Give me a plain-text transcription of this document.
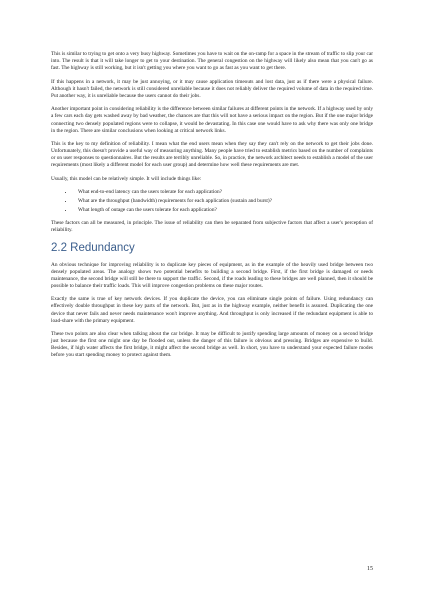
This is similar to trying to get onto a very busy highway. Sometimes you have to wait on the on-ramp for a space in the stream of traffic to slip your car into. The result is that it will take longer to get to your destination. The general congestion on the highway will likely also mean that you can't go as fast. The highway is still working, but it isn't getting you where you want to go as fast as you want to get there.

If this happens in a network, it may be just annoying, or it may cause application timeouts and lost data, just as if there were a physical failure. Although it hasn't failed, the network is still considered unreliable because it does not reliably deliver the required volume of data in the required time. Put another way, it is unreliable because the users cannot do their jobs.

Another important point in considering reliability is the difference between similar failures at different points in the network. If a highway used by only a few cars each day gets washed away by bad weather, the chances are that this will not have a serious impact on the region. But if the one major bridge connecting two densely populated regions were to collapse, it would be devastating. In this case one would have to ask why there was only one bridge in the region. There are similar conclusions when looking at critical network links.

This is the key to my definition of reliability. I mean what the end users mean when they say they can't rely on the network to get their jobs done. Unfortunately, this doesn't provide a useful way of measuring anything. Many people have tried to establish metrics based on the number of complaints or on user responses to questionnaires. But the results are terribly unreliable. So, in practice, the network architect needs to establish a model of the user requirements (most likely a different model for each user group) and determine how well these requirements are met.

Usually, this model can be relatively simple. It will include things like:

• What end-to-end latency can the users tolerate for each application?
• What are the throughput (bandwidth) requirements for each application (sustain and burst)?
• What length of outage can the users tolerate for each application?

These factors can all be measured, in principle. The issue of reliability can then be separated from subjective factors that affect a user's perception of reliability.

2.2 Redundancy

An obvious technique for improving reliability is to duplicate key pieces of equipment, as in the example of the heavily used bridge between two densely populated areas. The analogy shows two potential benefits to building a second bridge. First, if the first bridge is damaged or needs maintenance, the second bridge will still be there to support the traffic. Second, if the roads leading to these bridges are well planned, then it should be possible to balance their traffic loads. This will improve congestion problems on these major routes.

Exactly the same is true of key network devices. If you duplicate the device, you can eliminate single points of failure. Using redundancy can effectively double throughput in these key parts of the network. But, just as in the highway example, neither benefit is assured. Duplicating the one device that never fails and never needs maintenance won't improve anything. And throughput is only increased if the redundant equipment is able to load-share with the primary equipment.

These two points are also clear when talking about the car bridge. It may be difficult to justify spending large amounts of money on a second bridge just because the first one might one day be flooded out, unless the danger of this failure is obvious and pressing. Bridges are expensive to build. Besides, if high water affects the first bridge, it might affect the second bridge as well. In short, you have to understand your expected failure modes before you start spending money to protect against them.

15
